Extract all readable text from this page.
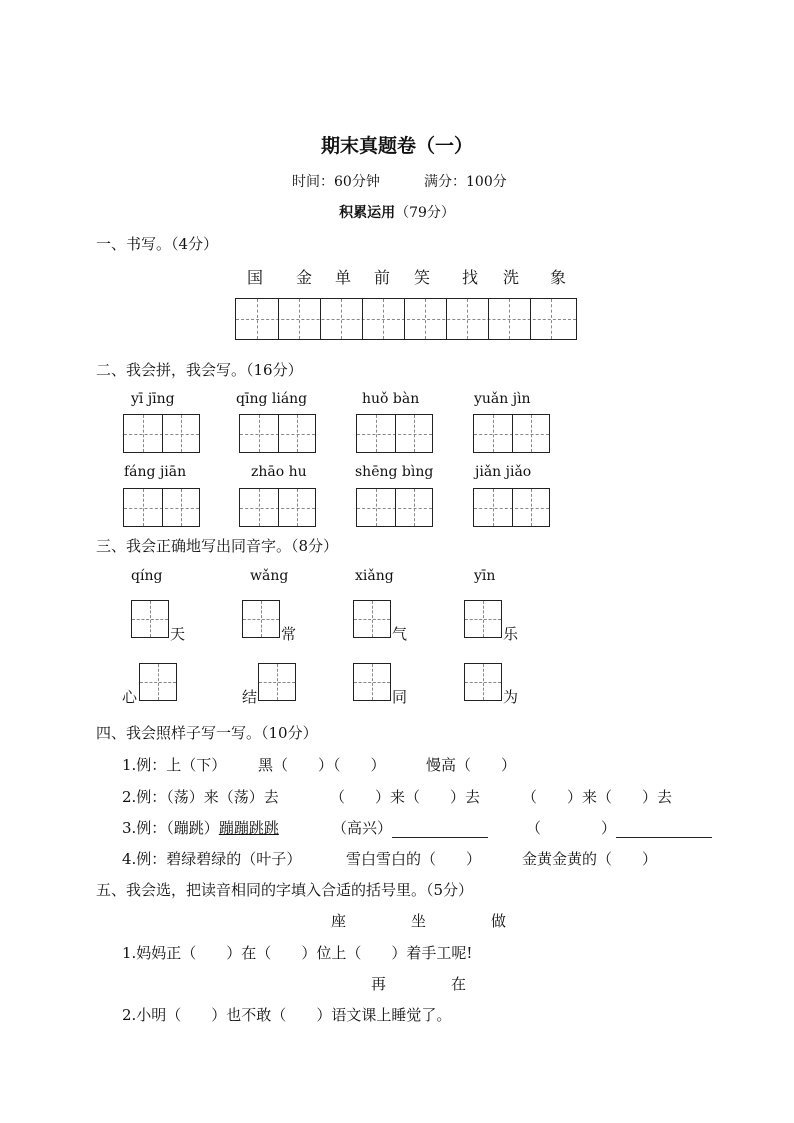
期末真题卷（一）
时间：60分钟	满分：100分
积累运用（79分）
一、书写。（4分）
国 金 单 前 笑 找 洗 象
二、我会拼，我会写。（16分）
yī jīng	qīng liáng	huǒ bàn	yuǎn jìn
fáng jiān	zhāo hu	shēng bìng	jiǎn jiǎo
三、我会正确地写出同音字。（8分）
qíng	wǎng	xiǎng	yīn
天	常	气	乐
心	结	同	为
四、我会照样子写一写。（10分）
1.例：上（下） 黑（　　）（　　）	慢高（　　）
2.例：（荡）来（荡）去	（　　）来（　　）去	（　　）来（　　）去
3.例：（蹦跳）蹦蹦跳跳	（高兴）	（　　　　）
4.例：碧绿碧绿的（叶子）	雪白雪白的（　　）	金黄金黄的（　　）
五、我会选，把读音相同的字填入合适的括号里。（5分）
座	坐	做
1.妈妈正（　　）在（　　）位上（　　）着手工呢!
再	在
2.小明（　　）也不敢（　　）语文课上睡觉了。
